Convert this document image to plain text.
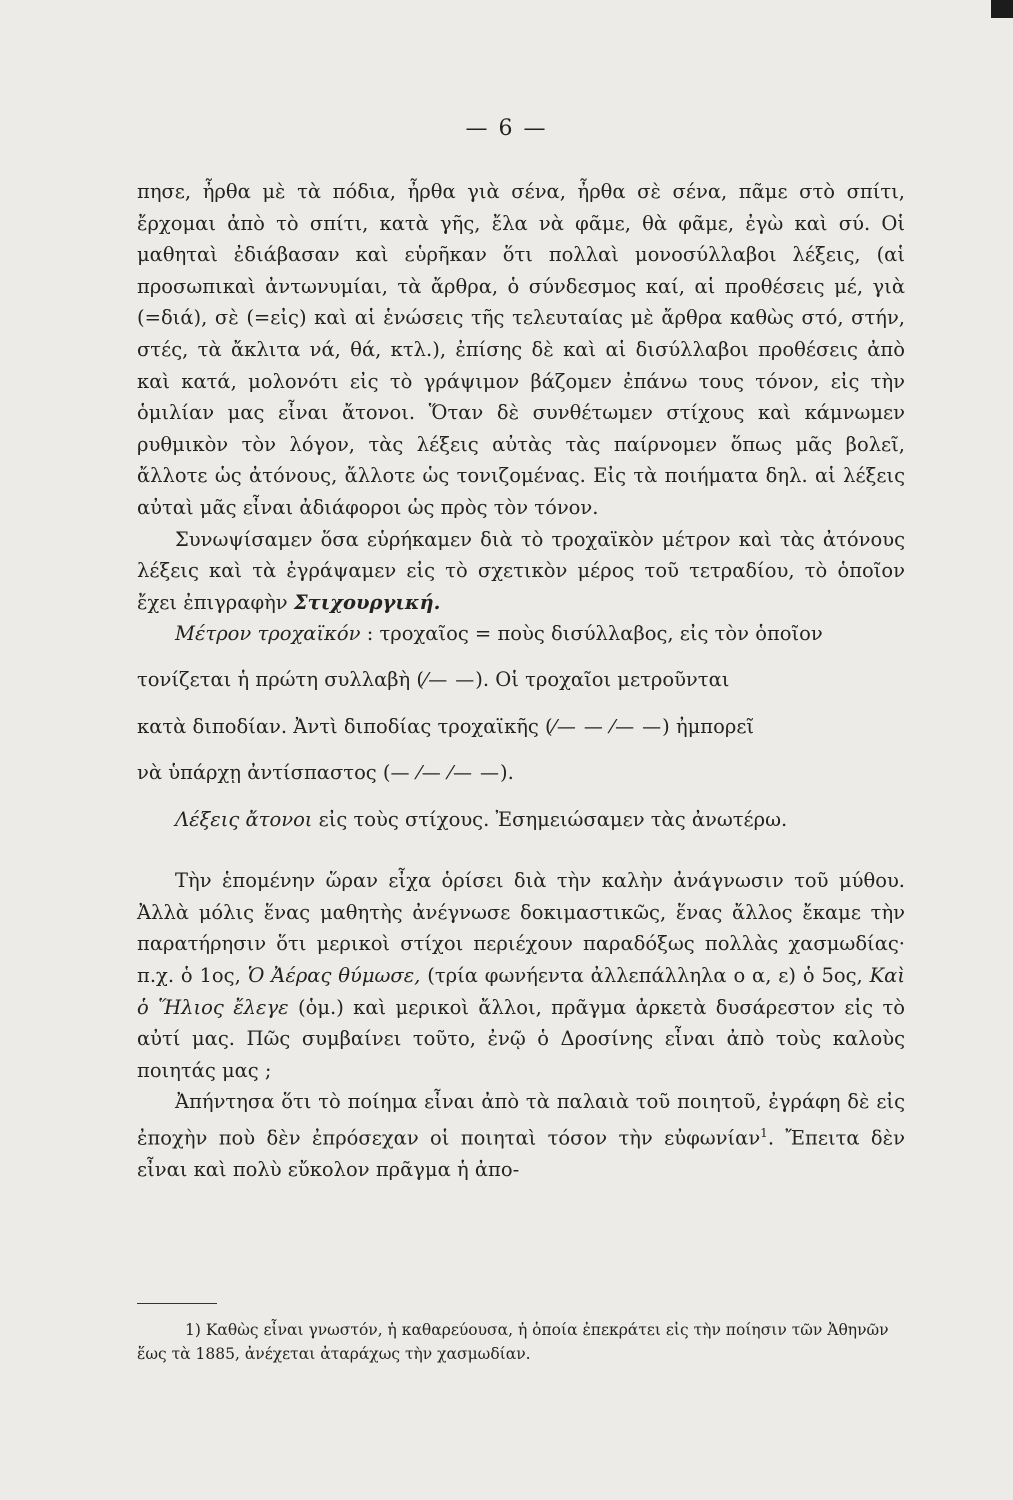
— 6 —

πησε, ἦρθα μὲ τὰ πόδια, ἦρθα γιὰ σένα, ἦρθα σὲ σένα, πᾶμε στὸ σπίτι, ἔρχομαι ἀπὸ τὸ σπίτι, κατὰ γῆς, ἔλα νὰ φᾶμε, θὰ φᾶμε, ἐγὼ καὶ σύ. Οἱ μαθηταὶ ἐδιάβασαν καὶ εὑρῆκαν ὅτι πολλαὶ μονοσύλλαβοι λέξεις, (αἱ προσωπικαὶ ἀντωνυμίαι, τὰ ἄρθρα, ὁ σύνδεσμος καί, αἱ προθέσεις μέ, γιὰ (=διά), σὲ (=εἰς) καὶ αἱ ἑνώσεις τῆς τελευταίας μὲ ἄρθρα καθὼς στό, στήν, στές, τὰ ἄκλιτα νά, θά, κτλ.), ἐπίσης δὲ καὶ αἱ δισύλλαβοι προθέσεις ἀπὸ καὶ κατά, μολονότι εἰς τὸ γράψιμον βάζομεν ἐπάνω τους τόνον, εἰς τὴν ὁμιλίαν μας εἶναι ἄτονοι. Ὅταν δὲ συνθέτωμεν στίχους καὶ κάμνωμεν ρυθμικὸν τὸν λόγον, τὰς λέξεις αὐτὰς τὰς παίρνομεν ὅπως μᾶς βολεῖ, ἄλλοτε ὡς ἀτόνους, ἄλλοτε ὡς τονιζομένας. Εἰς τὰ ποιήματα δηλ. αἱ λέξεις αὐταὶ μᾶς εἶναι ἀδιάφοροι ὡς πρὸς τὸν τόνον.

Συνωψίσαμεν ὅσα εὑρήκαμεν διὰ τὸ τροχαϊκὸν μέτρον καὶ τὰς ἀτόνους λέξεις καὶ τὰ ἐγράψαμεν εἰς τὸ σχετικὸν μέρος τοῦ τετραδίου, τὸ ὁποῖον ἔχει ἐπιγραφὴν Στιχουργική.

Μέτρον τροχαϊκόν : τροχαῖος = ποὺς δισύλλαβος, εἰς τὸν ὁποῖον

τονίζεται ἡ πρώτη συλλαβὴ (⁄— —). Οἱ τροχαῖοι μετροῦνται

κατὰ διποδίαν. Ἀντὶ διποδίας τροχαϊκῆς (⁄— — ⁄— —) ἠμπορεῖ

νὰ ὑπάρχῃ ἀντίσπαστος (— ⁄— ⁄— —).

Λέξεις ἄτονοι εἰς τοὺς στίχους. Ἐσημειώσαμεν τὰς ἀνωτέρω.

Τὴν ἑπομένην ὥραν εἶχα ὁρίσει διὰ τὴν καλὴν ἀνάγνωσιν τοῦ μύθου. Ἀλλὰ μόλις ἕνας μαθητὴς ἀνέγνωσε δοκιμαστικῶς, ἕνας ἄλλος ἔκαμε τὴν παρατήρησιν ὅτι μερικοὶ στίχοι περιέχουν παραδόξως πολλὰς χασμωδίας· π.χ. ὁ 1ος, Ὁ Ἀέρας θύμωσε, (τρία φωνήεντα ἀλλεπάλληλα ο α, ε) ὁ 5ος, Καὶ ὁ Ἥλιος ἔλεγε (ὁμ.) καὶ μερικοὶ ἄλλοι, πρᾶγμα ἀρκετὰ δυσάρεστον εἰς τὸ αὐτί μας. Πῶς συμβαίνει τοῦτο, ἐνῷ ὁ Δροσίνης εἶναι ἀπὸ τοὺς καλοὺς ποιητάς μας ;

Ἀπήντησα ὅτι τὸ ποίημα εἶναι ἀπὸ τὰ παλαιὰ τοῦ ποιητοῦ, ἐγράφη δὲ εἰς ἐποχὴν ποὺ δὲν ἐπρόσεχαν οἱ ποιηταὶ τόσον τὴν εὐφωνίαν$^1$. Ἔπειτα δὲν εἶναι καὶ πολὺ εὔκολον πρᾶγμα ἡ ἀπο-

1) Καθὼς εἶναι γνωστόν, ἡ καθαρεύουσα, ἡ ὁποία ἐπεκράτει εἰς τὴν ποίησιν τῶν Ἀθηνῶν ἕως τὰ 1885, ἀνέχεται ἀταράχως τὴν χασμωδίαν.
